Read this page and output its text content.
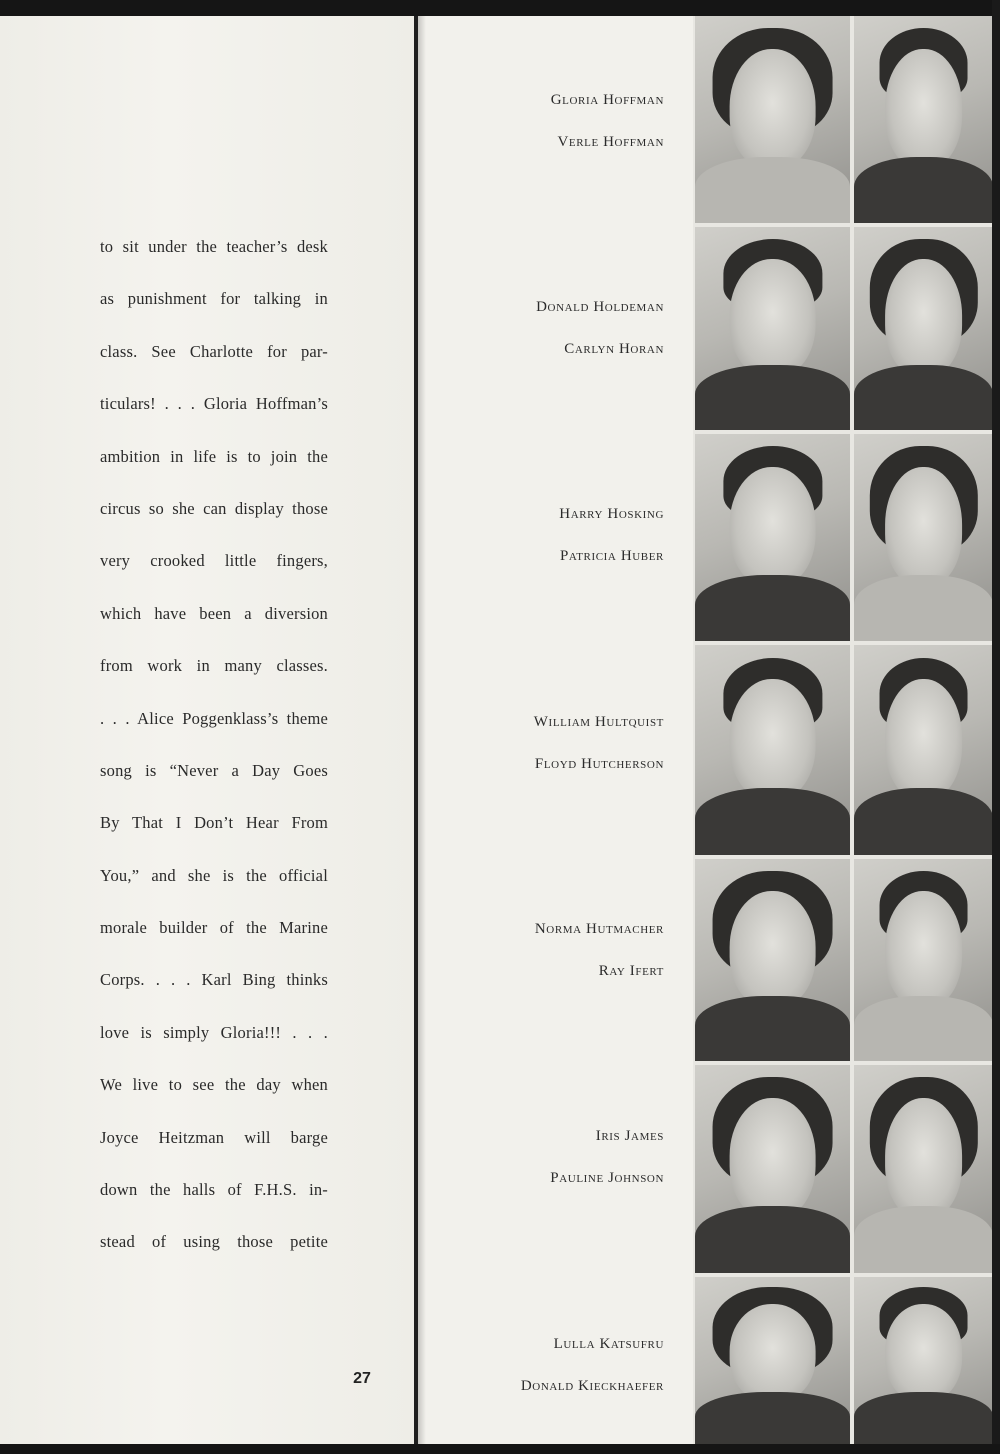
to sit under the teacher’s desk
as punishment for talking in
class. See Charlotte for par-
ticulars! . . . Gloria Hoffman’s
ambition in life is to join the
circus so she can display those
very crooked little fingers,
which have been a diversion
from work in many classes.
. . . Alice Poggenklass’s theme
song is “Never a Day Goes
By That I Don’t Hear From
You,” and she is the official
morale builder of the Marine
Corps. . . . Karl Bing thinks
love is simply Gloria!!! . . .
We live to see the day when
Joyce Heitzman will barge
down the halls of F.H.S. in-
stead of using those petite
27
Gloria Hoffman
Verle Hoffman
Donald Holdeman
Carlyn Horan
Harry Hosking
Patricia Huber
William Hultquist
Floyd Hutcherson
Norma Hutmacher
Ray Ifert
Iris James
Pauline Johnson
Lulla Katsufru
Donald Kieckhaefer
